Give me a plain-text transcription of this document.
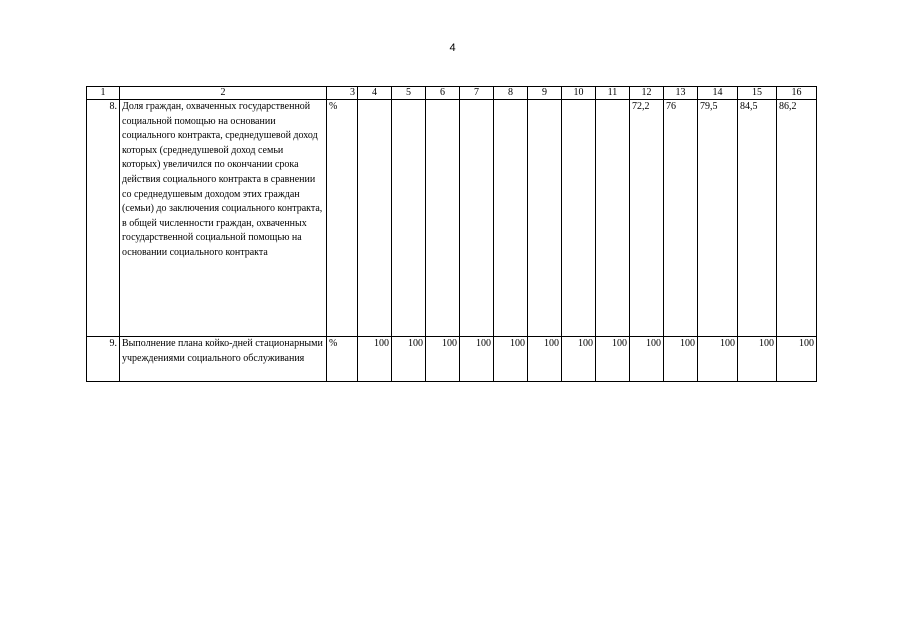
4
1	2	3	4	5	6	7	8	9	10	11	12	13	14	15	16
8.	Доля граждан, охваченных государственной социальной помощью на основании социального контракта, среднедушевой доход которых (среднедушевой доход семьи которых) увеличился по окончании срока действия социального контракта в сравнении со среднедушевым доходом этих граждан (семьи) до заключения социального контракта, в общей численности граждан, охваченных государственной социальной помощью на основании социального контракта	%									72,2	76	79,5	84,5	86,2
9.	Выполнение плана койко-дней стационарными учреждениями социального обслуживания	%	100	100	100	100	100	100	100	100	100	100	100	100	100
